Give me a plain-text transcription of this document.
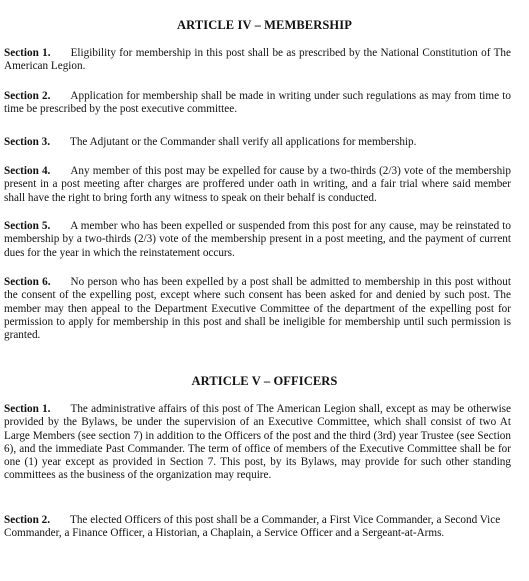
ARTICLE IV – MEMBERSHIP

Section 1. Eligibility for membership in this post shall be as prescribed by the National Constitution of The American Legion.

Section 2. Application for membership shall be made in writing under such regulations as may from time to time be prescribed by the post executive committee.

Section 3. The Adjutant or the Commander shall verify all applications for membership.

Section 4. Any member of this post may be expelled for cause by a two-thirds (2/3) vote of the membership present in a post meeting after charges are proffered under oath in writing, and a fair trial where said member shall have the right to bring forth any witness to speak on their behalf is conducted.

Section 5. A member who has been expelled or suspended from this post for any cause, may be reinstated to membership by a two-thirds (2/3) vote of the membership present in a post meeting, and the payment of current dues for the year in which the reinstatement occurs.

Section 6. No person who has been expelled by a post shall be admitted to membership in this post without the consent of the expelling post, except where such consent has been asked for and denied by such post. The member may then appeal to the Department Executive Committee of the department of the expelling post for permission to apply for membership in this post and shall be ineligible for membership until such permission is granted.

ARTICLE V – OFFICERS

Section 1. The administrative affairs of this post of The American Legion shall, except as may be otherwise provided by the Bylaws, be under the supervision of an Executive Committee, which shall consist of two At Large Members (see section 7) in addition to the Officers of the post and the third (3rd) year Trustee (see Section 6), and the immediate Past Commander. The term of office of members of the Executive Committee shall be for one (1) year except as provided in Section 7. This post, by its Bylaws, may provide for such other standing committees as the business of the organization may require.

Section 2. The elected Officers of this post shall be a Commander, a First Vice Commander, a Second Vice Commander, a Finance Officer, a Historian, a Chaplain, a Service Officer and a Sergeant-at-Arms.
